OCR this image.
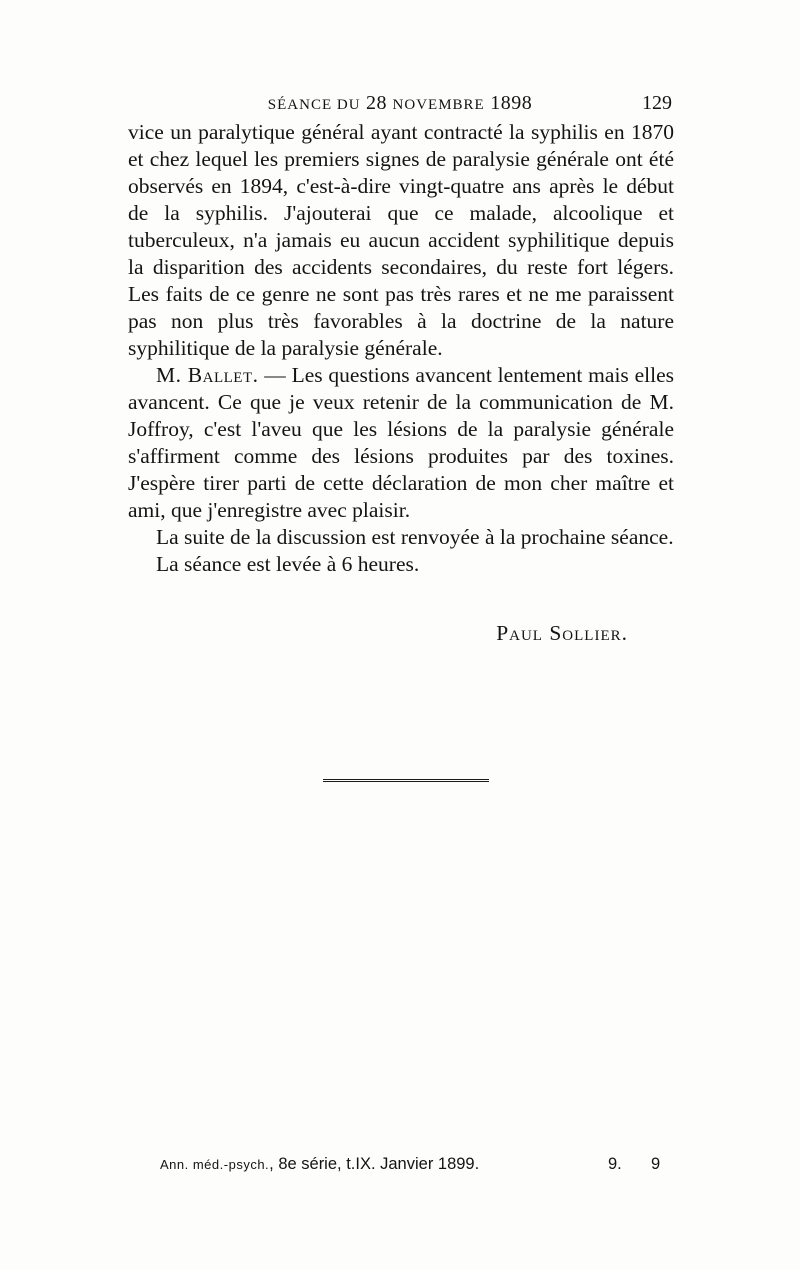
SÉANCE DU 28 NOVEMBRE 1898	129

vice un paralytique général ayant contracté la syphilis en 1870 et chez lequel les premiers signes de paralysie générale ont été observés en 1894, c'est-à-dire vingt-quatre ans après le début de la syphilis. J'ajouterai que ce malade, alcoolique et tuberculeux, n'a jamais eu aucun accident syphilitique depuis la disparition des accidents secondaires, du reste fort légers. Les faits de ce genre ne sont pas très rares et ne me paraissent pas non plus très favorables à la doctrine de la nature syphilitique de la paralysie générale.

M. Ballet. — Les questions avancent lentement mais elles avancent. Ce que je veux retenir de la communication de M. Joffroy, c'est l'aveu que les lésions de la paralysie générale s'affirment comme des lésions produites par des toxines. J'espère tirer parti de cette déclaration de mon cher maître et ami, que j'enregistre avec plaisir.

La suite de la discussion est renvoyée à la prochaine séance.

La séance est levée à 6 heures.

Paul Sollier.
Ann. méd.-psych., 8e série, t.IX. Janvier 1899.	9. 9
